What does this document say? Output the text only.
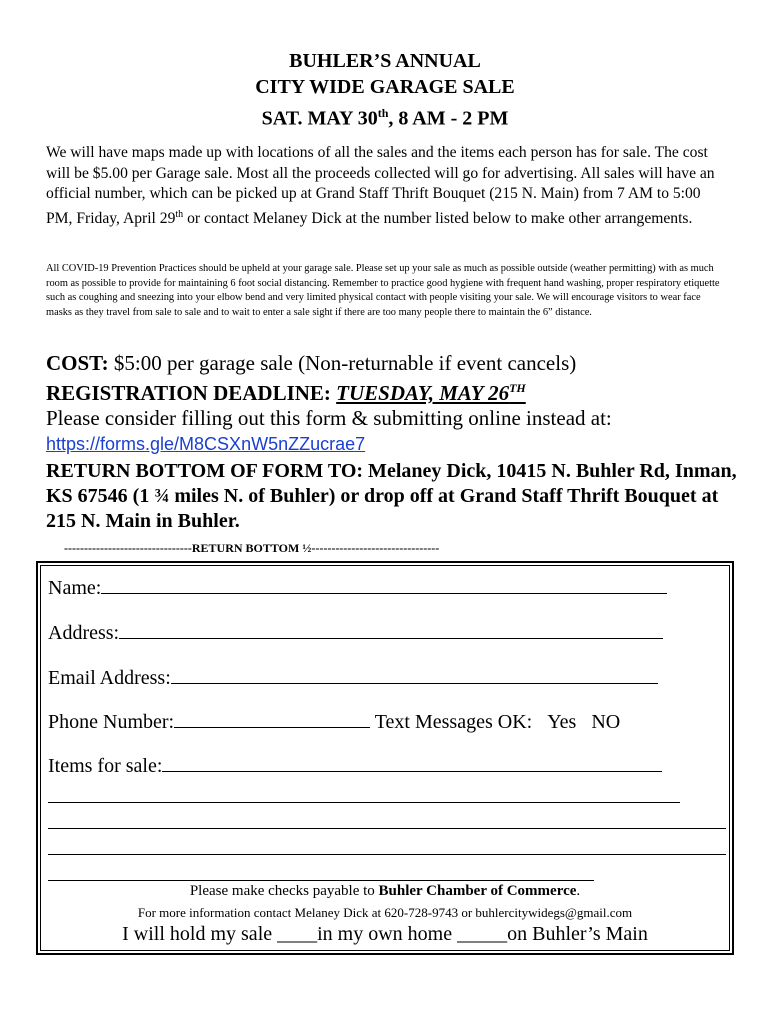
BUHLER’S ANNUAL
CITY WIDE GARAGE SALE
SAT. MAY 30th, 8 AM - 2 PM
We will have maps made up with locations of all the sales and the items each person has for sale. The cost will be $5.00 per Garage sale. Most all the proceeds collected will go for advertising. All sales will have an official number, which can be picked up at Grand Staff Thrift Bouquet (215 N. Main) from 7 AM to 5:00 PM, Friday, April 29th or contact Melaney Dick at the number listed below to make other arrangements.
All COVID-19 Prevention Practices should be upheld at your garage sale. Please set up your sale as much as possible outside (weather permitting) with as much room as possible to provide for maintaining 6 foot social distancing. Remember to practice good hygiene with frequent hand washing, proper respiratory etiquette such as coughing and sneezing into your elbow bend and very limited physical contact with people visiting your sale. We will encourage visitors to wear face masks as they travel from sale to sale and to wait to enter a sale sight if there are too many people there to maintain the 6” distance.
COST: $5:00 per garage sale (Non-returnable if event cancels)
REGISTRATION DEADLINE: TUESDAY, MAY 26TH
Please consider filling out this form & submitting online instead at:
https://forms.gle/M8CSXnW5nZZucrae7
RETURN BOTTOM OF FORM TO: Melaney Dick, 10415 N. Buhler Rd, Inman, KS 67546 (1 ¾ miles N. of Buhler) or drop off at Grand Staff Thrift Bouquet at 215 N. Main in Buhler.
--------------------------------RETURN BOTTOM ½--------------------------------
Name:
Address:
Email Address:
Phone Number:	Text Messages OK: Yes NO
Items for sale:
Please make checks payable to Buhler Chamber of Commerce.
For more information contact Melaney Dick at 620-728-9743 or buhlercitywidegs@gmail.com
I will hold my sale ____in my own home _____on Buhler’s Main
